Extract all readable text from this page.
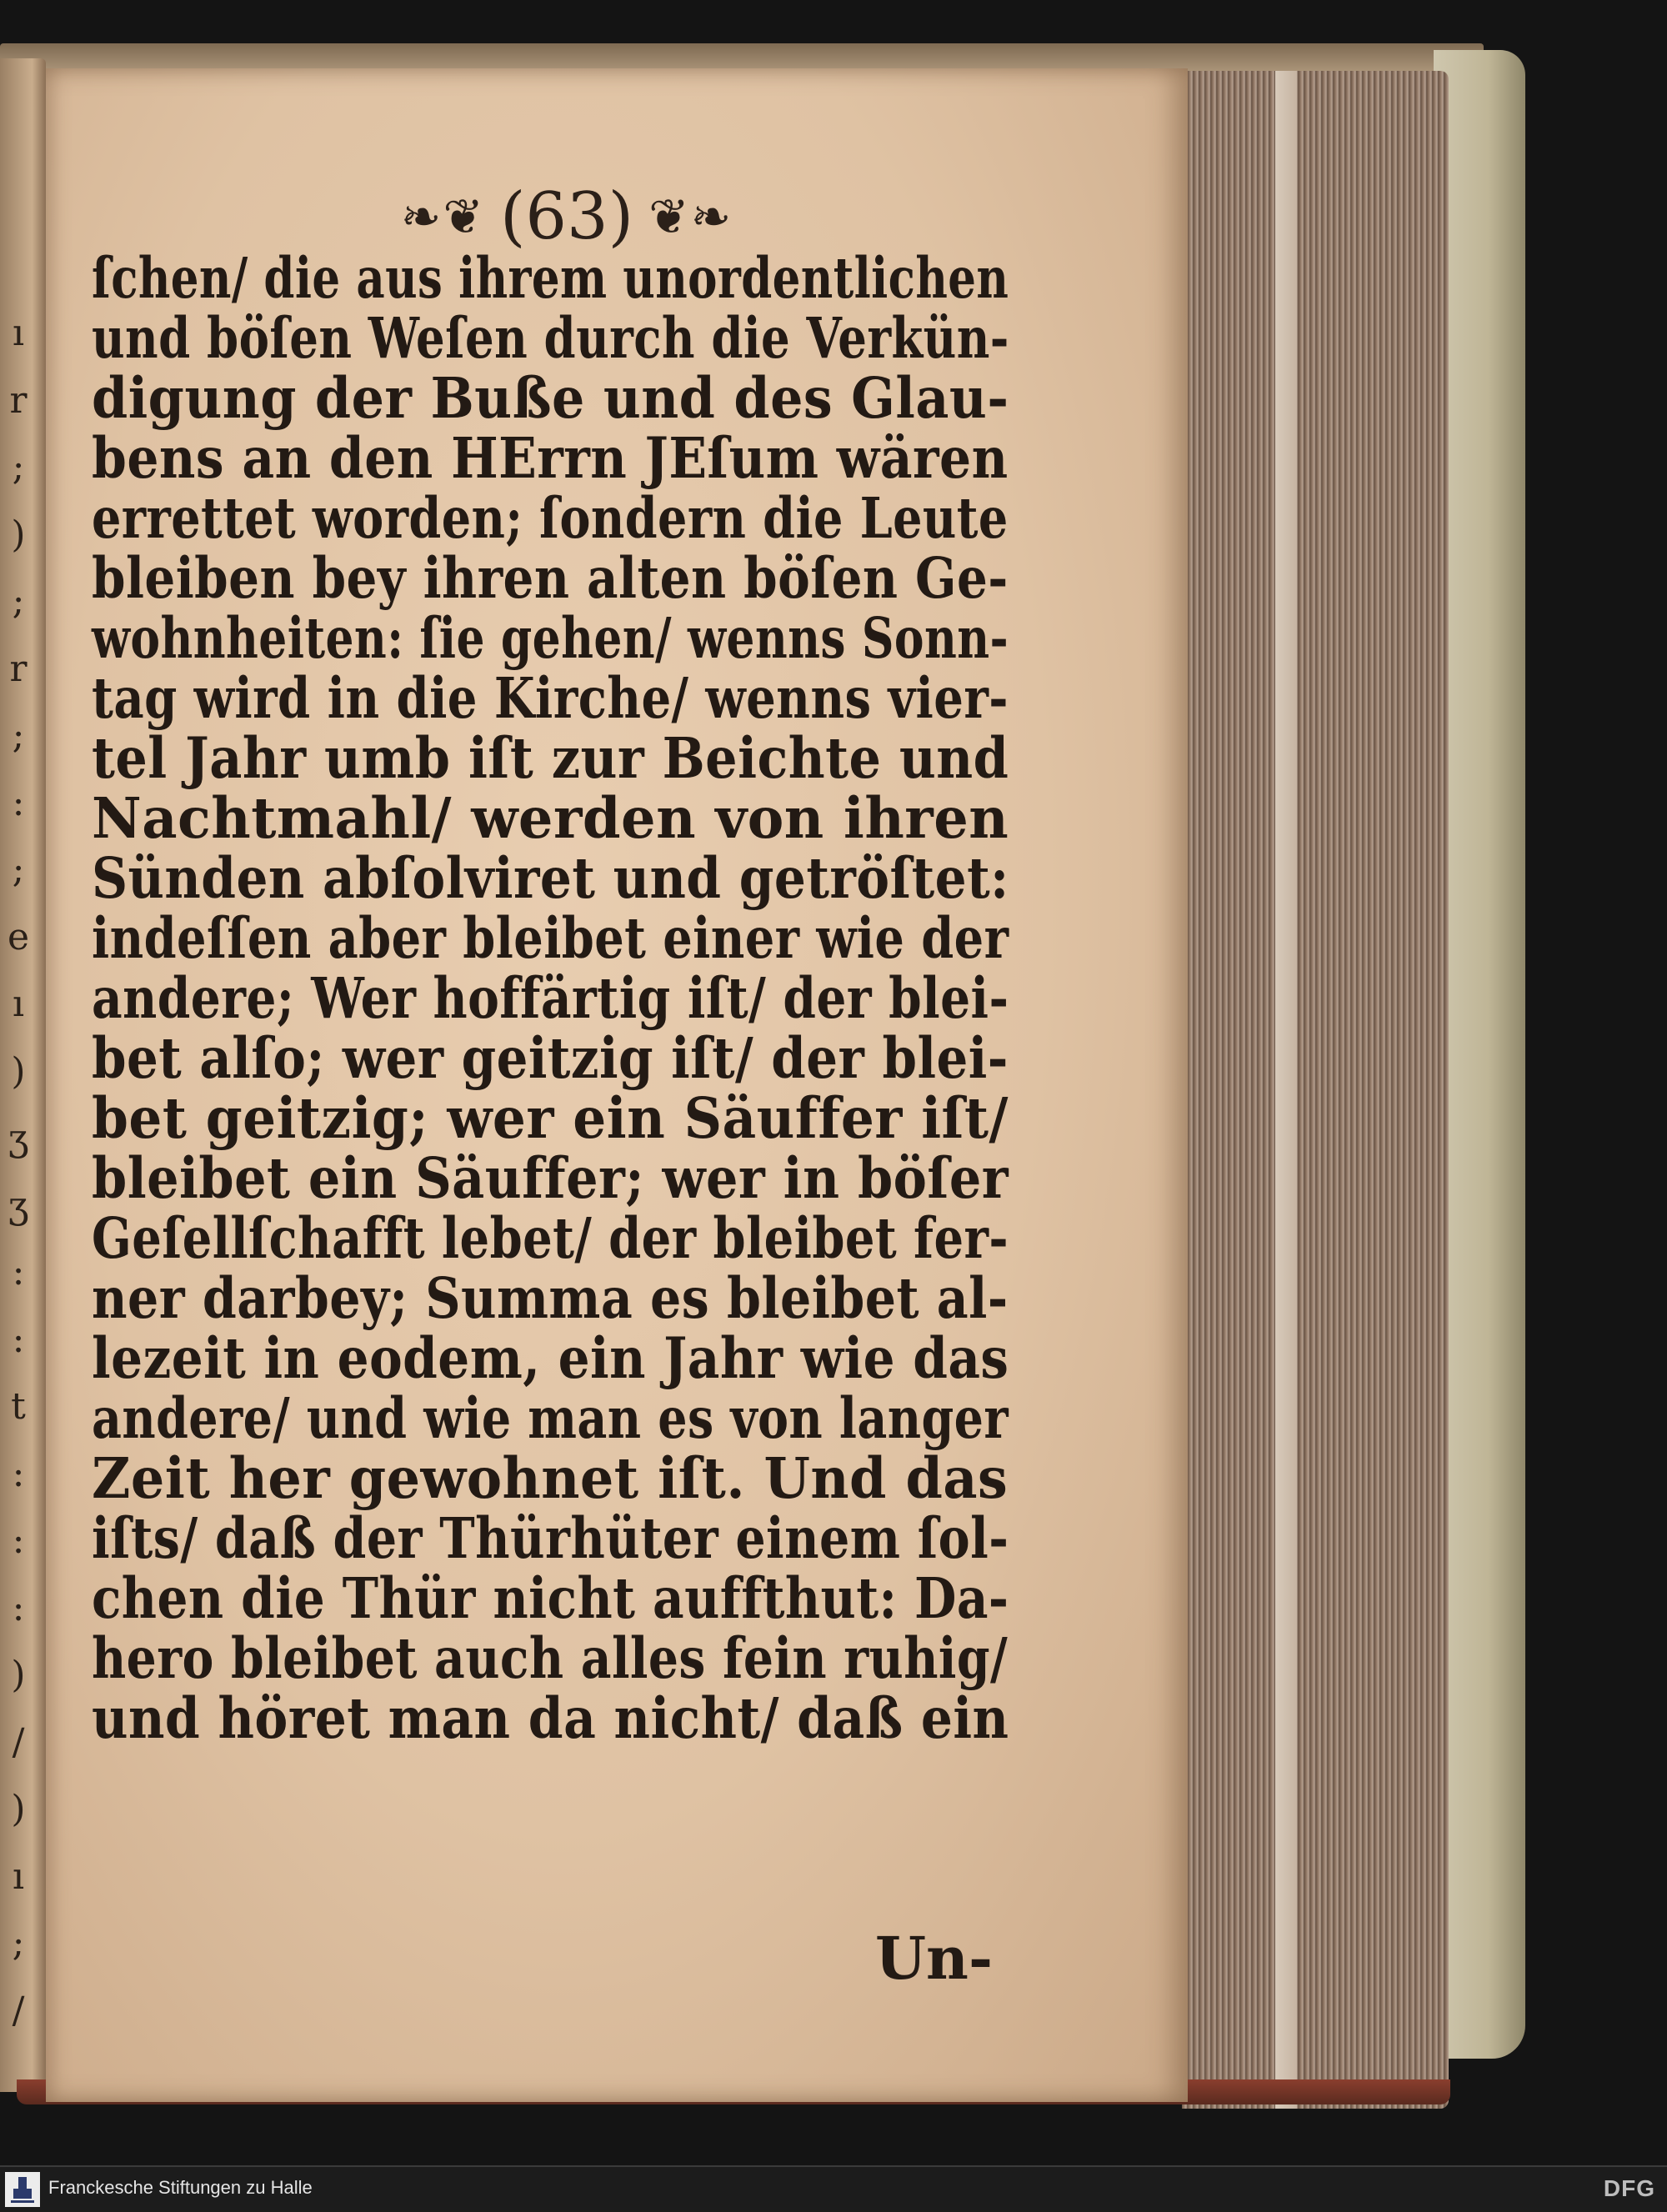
ı
r
;
)
;
r
;
:
;
e
ı
)
ʒ
ʒ
:
:
t
:
:
:
)
/
)
ı
;
/
❧❦ (63) ❦❧
ſchen/ die aus ihrem unordentlichen
und böſen Weſen durch die Verkün-
digung der Buße und des Glau-
bens an den HErrn JEſum wären
errettet worden; ſondern die Leute
bleiben bey ihren alten böſen Ge-
wohnheiten: ſie gehen/ wenns Sonn-
tag wird in die Kirche/ wenns vier-
tel Jahr umb iſt zur Beichte und
Nachtmahl/ werden von ihren
Sünden abſolviret und getröſtet:
indeſſen aber bleibet einer wie der
andere; Wer hoffärtig iſt/ der blei-
bet alſo; wer geitzig iſt/ der blei-
bet geitzig; wer ein Säuffer iſt/
bleibet ein Säuffer; wer in böſer
Geſellſchafft lebet/ der bleibet fer-
ner darbey; Summa es bleibet al-
lezeit in eodem, ein Jahr wie das
andere/ und wie man es von langer
Zeit her gewohnet iſt. Und das
iſts/ daß der Thürhüter einem ſol-
chen die Thür nicht auffthut: Da-
hero bleibet auch alles fein ruhig/
und höret man da nicht/ daß ein
Un-
Franckesche Stiftungen zu Halle	DFG
